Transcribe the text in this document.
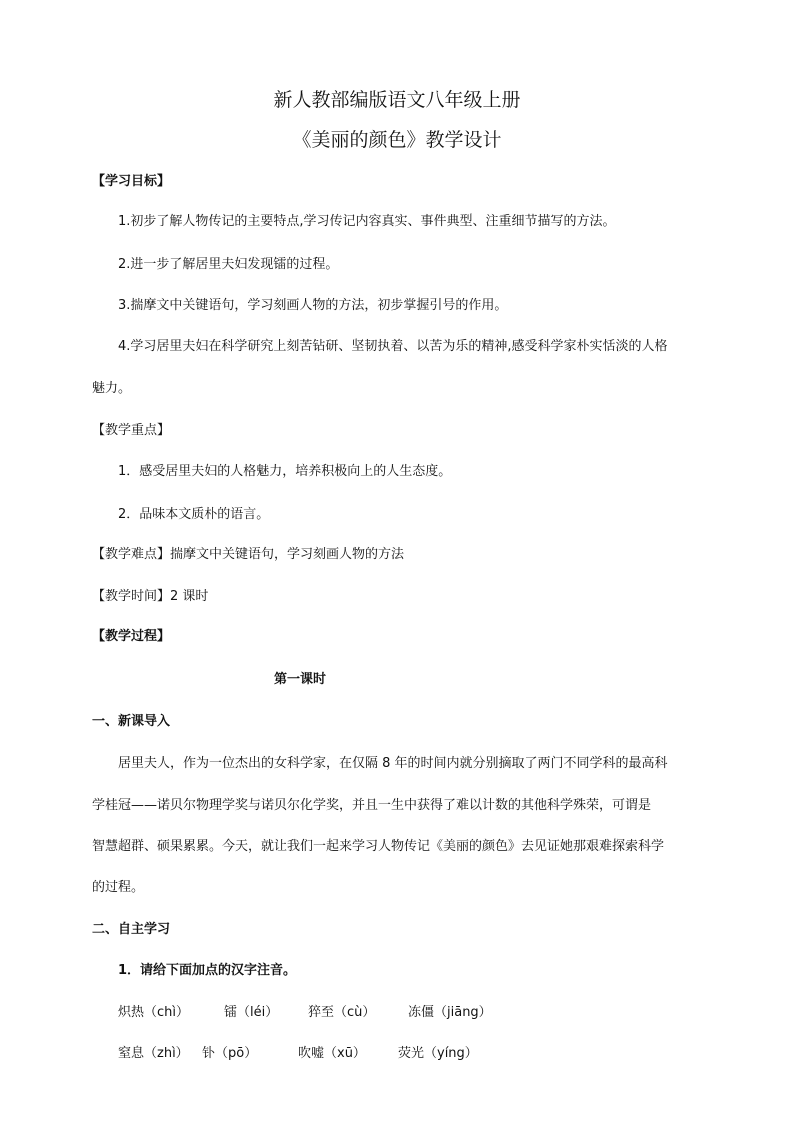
新人教部编版语文八年级上册
《美丽的颜色》教学设计
【学习目标】
1.初步了解人物传记的主要特点,学习传记内容真实、事件典型、注重细节描写的方法。
2.进一步了解居里夫妇发现镭的过程。
3.揣摩文中关键语句，学习刻画人物的方法，初步掌握引号的作用。
4.学习居里夫妇在科学研究上刻苦钻研、坚韧执着、以苦为乐的精神,感受科学家朴实恬淡的人格
魅力。
【教学重点】
1．感受居里夫妇的人格魅力，培养积极向上的人生态度。
2．品味本文质朴的语言。
【教学难点】揣摩文中关键语句，学习刻画人物的方法
【教学时间】2 课时
【教学过程】
第一课时
一、新课导入
居里夫人，作为一位杰出的女科学家，在仅隔 8 年的时间内就分别摘取了两门不同学科的最高科
学桂冠——诺贝尔物理学奖与诺贝尔化学奖，并且一生中获得了难以计数的其他科学殊荣，可谓是
智慧超群、硕果累累。今天，就让我们一起来学习人物传记《美丽的颜色》去见证她那艰难探索科学
的过程。
二、自主学习
1．请给下面加点的汉字注音。
炽热（chì）	镭（léi） 猝至（cù）	冻僵（jiāng）
窒息（zhì） 钋（pō）	吹嘘（xū） 荧光（yíng）
